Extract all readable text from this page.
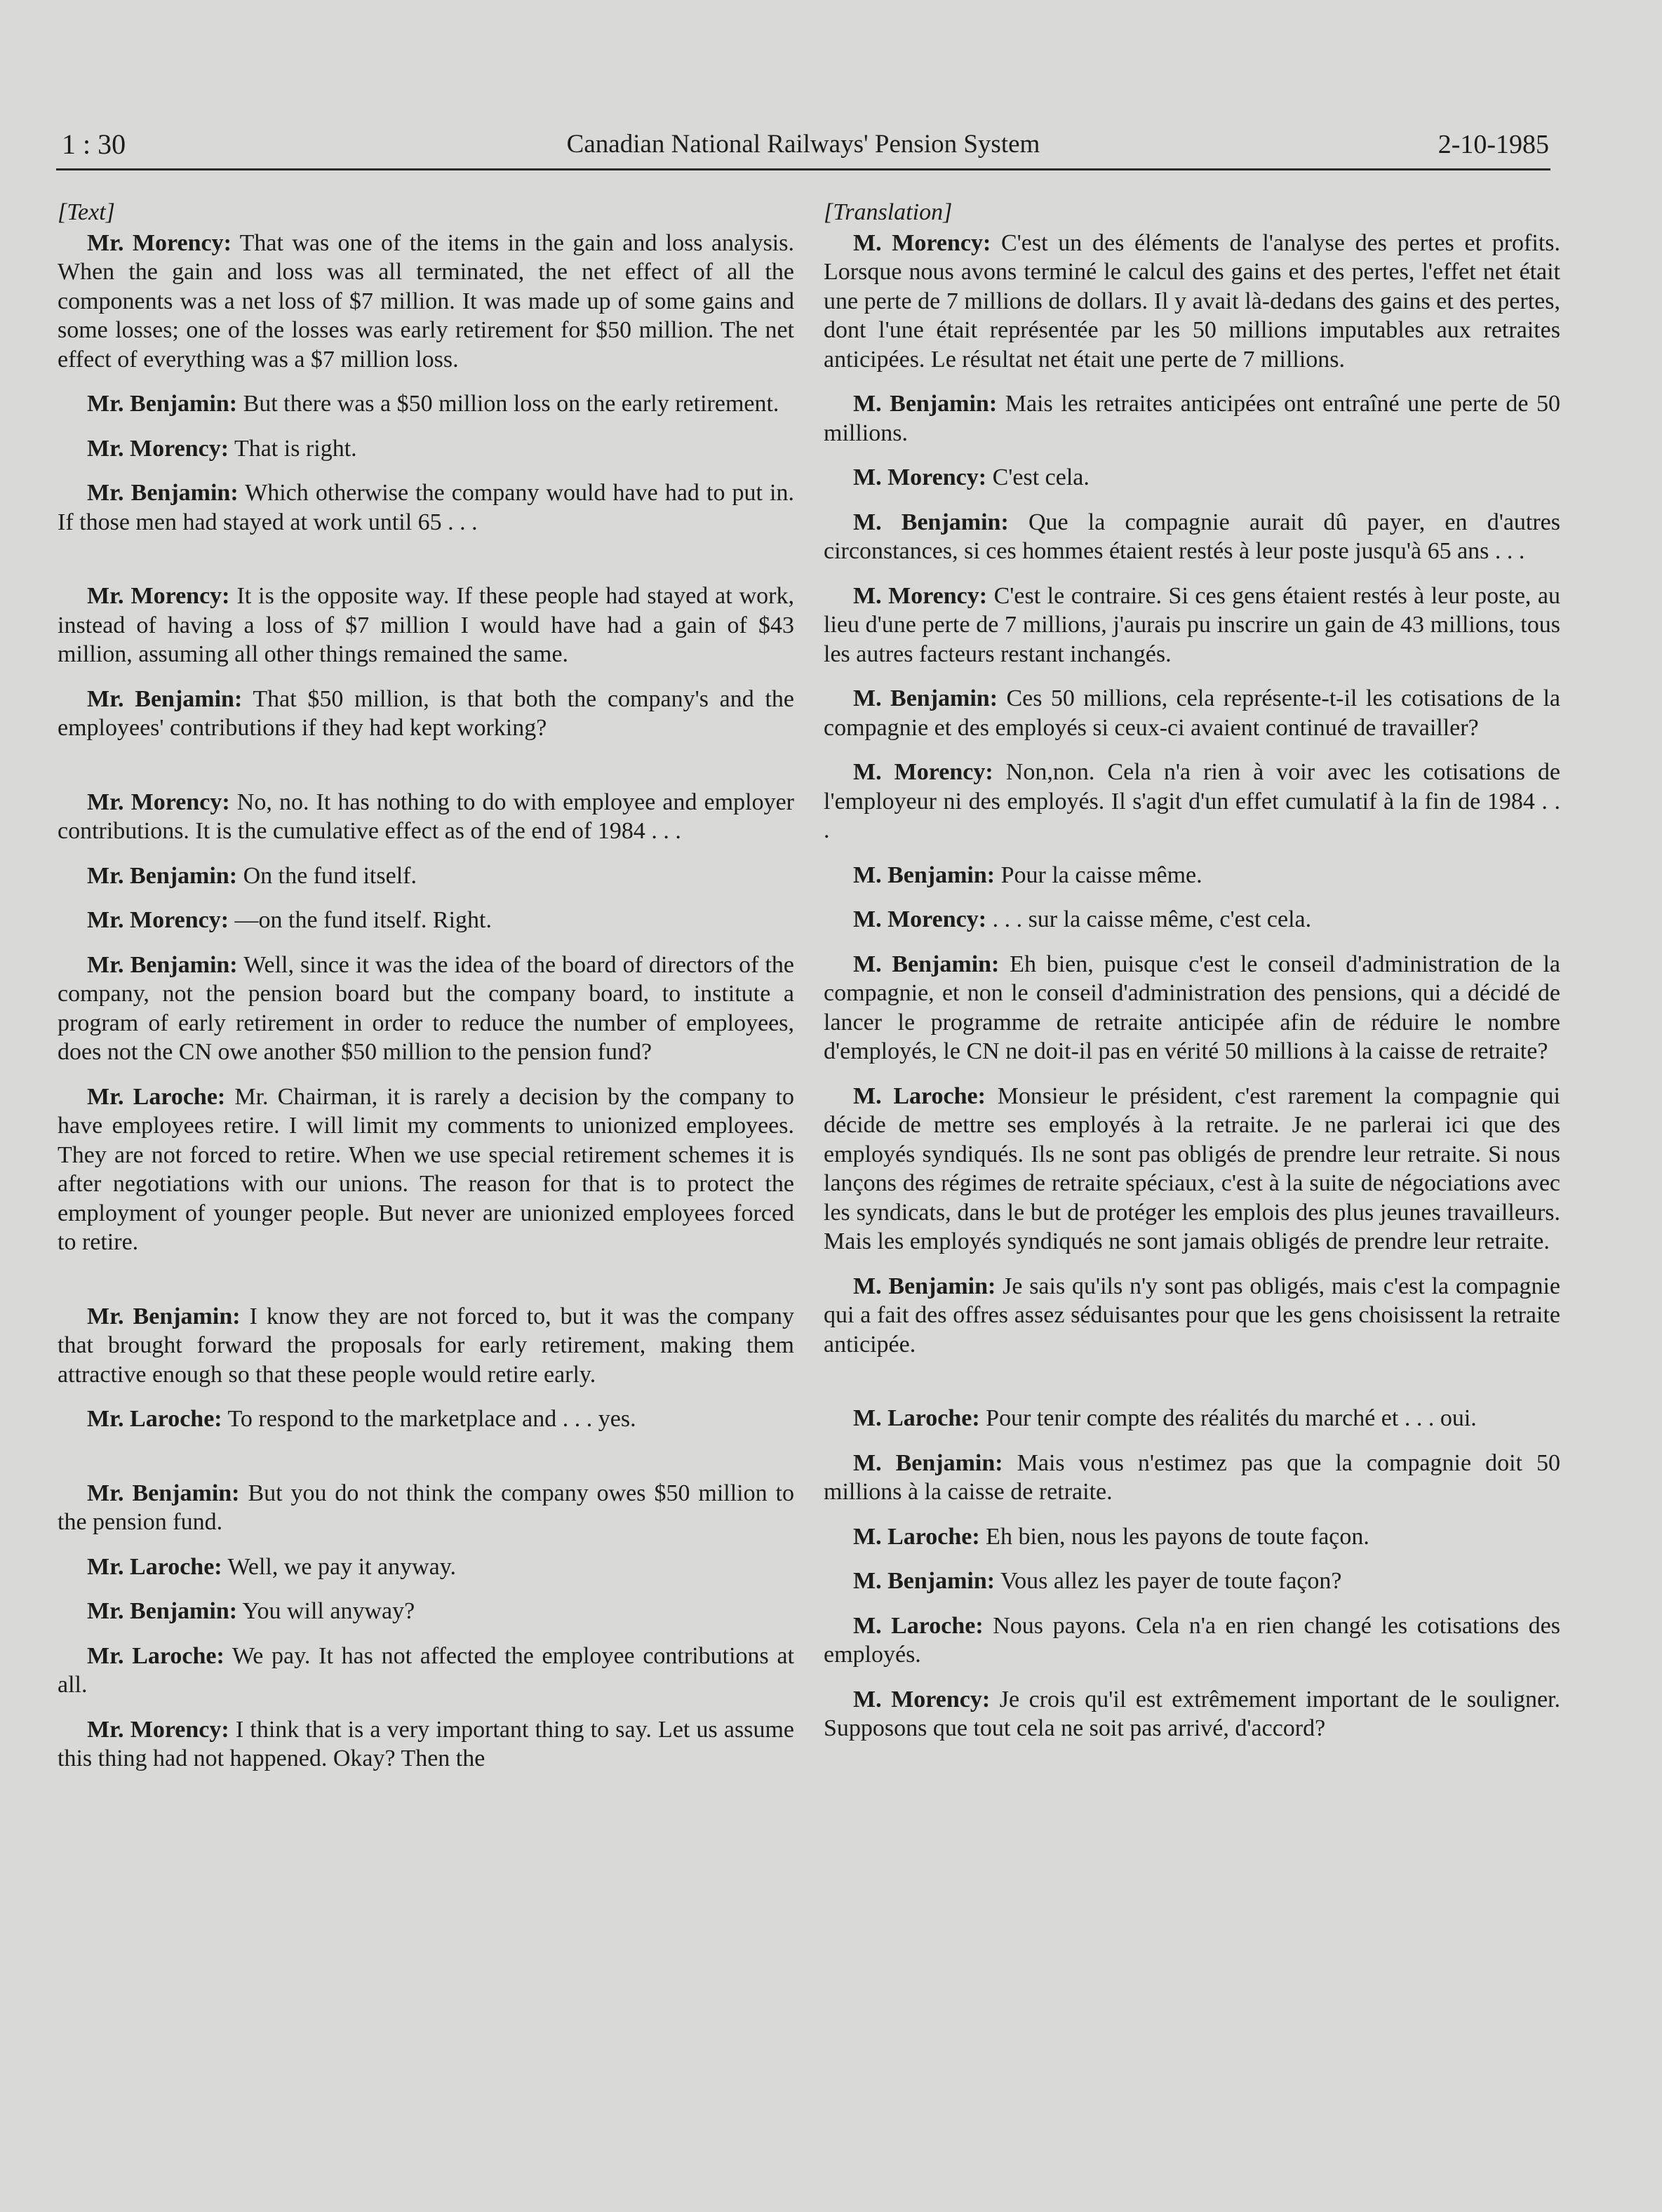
1 : 30	Canadian National Railways' Pension System	2-10-1985
[Text]

Mr. Morency: That was one of the items in the gain and loss analysis. When the gain and loss was all terminated, the net effect of all the components was a net loss of $7 million. It was made up of some gains and some losses; one of the losses was early retirement for $50 million. The net effect of everything was a $7 million loss.

Mr. Benjamin: But there was a $50 million loss on the early retirement.

Mr. Morency: That is right.

Mr. Benjamin: Which otherwise the company would have had to put in. If those men had stayed at work until 65 . . .

Mr. Morency: It is the opposite way. If these people had stayed at work, instead of having a loss of $7 million I would have had a gain of $43 million, assuming all other things remained the same.

Mr. Benjamin: That $50 million, is that both the company's and the employees' contributions if they had kept working?

Mr. Morency: No, no. It has nothing to do with employee and employer contributions. It is the cumulative effect as of the end of 1984 . . .

Mr. Benjamin: On the fund itself.

Mr. Morency: —on the fund itself. Right.

Mr. Benjamin: Well, since it was the idea of the board of directors of the company, not the pension board but the company board, to institute a program of early retirement in order to reduce the number of employees, does not the CN owe another $50 million to the pension fund?

Mr. Laroche: Mr. Chairman, it is rarely a decision by the company to have employees retire. I will limit my comments to unionized employees. They are not forced to retire. When we use special retirement schemes it is after negotiations with our unions. The reason for that is to protect the employment of younger people. But never are unionized employees forced to retire.

Mr. Benjamin: I know they are not forced to, but it was the company that brought forward the proposals for early retirement, making them attractive enough so that these people would retire early.

Mr. Laroche: To respond to the marketplace and . . . yes.

Mr. Benjamin: But you do not think the company owes $50 million to the pension fund.

Mr. Laroche: Well, we pay it anyway.

Mr. Benjamin: You will anyway?

Mr. Laroche: We pay. It has not affected the employee contributions at all.

Mr. Morency: I think that is a very important thing to say. Let us assume this thing had not happened. Okay? Then the

[Translation]

M. Morency: C'est un des éléments de l'analyse des pertes et profits. Lorsque nous avons terminé le calcul des gains et des pertes, l'effet net était une perte de 7 millions de dollars. Il y avait là-dedans des gains et des pertes, dont l'une était représentée par les 50 millions imputables aux retraites anticipées. Le résultat net était une perte de 7 millions.

M. Benjamin: Mais les retraites anticipées ont entraîné une perte de 50 millions.

M. Morency: C'est cela.

M. Benjamin: Que la compagnie aurait dû payer, en d'autres circonstances, si ces hommes étaient restés à leur poste jusqu'à 65 ans . . .

M. Morency: C'est le contraire. Si ces gens étaient restés à leur poste, au lieu d'une perte de 7 millions, j'aurais pu inscrire un gain de 43 millions, tous les autres facteurs restant inchangés.

M. Benjamin: Ces 50 millions, cela représente-t-il les cotisations de la compagnie et des employés si ceux-ci avaient continué de travailler?

M. Morency: Non,non. Cela n'a rien à voir avec les cotisations de l'employeur ni des employés. Il s'agit d'un effet cumulatif à la fin de 1984 . . .

M. Benjamin: Pour la caisse même.

M. Morency: . . . sur la caisse même, c'est cela.

M. Benjamin: Eh bien, puisque c'est le conseil d'administration de la compagnie, et non le conseil d'administration des pensions, qui a décidé de lancer le programme de retraite anticipée afin de réduire le nombre d'employés, le CN ne doit-il pas en vérité 50 millions à la caisse de retraite?

M. Laroche: Monsieur le président, c'est rarement la compagnie qui décide de mettre ses employés à la retraite. Je ne parlerai ici que des employés syndiqués. Ils ne sont pas obligés de prendre leur retraite. Si nous lançons des régimes de retraite spéciaux, c'est à la suite de négociations avec les syndicats, dans le but de protéger les emplois des plus jeunes travailleurs. Mais les employés syndiqués ne sont jamais obligés de prendre leur retraite.

M. Benjamin: Je sais qu'ils n'y sont pas obligés, mais c'est la compagnie qui a fait des offres assez séduisantes pour que les gens choisissent la retraite anticipée.

M. Laroche: Pour tenir compte des réalités du marché et . . . oui.

M. Benjamin: Mais vous n'estimez pas que la compagnie doit 50 millions à la caisse de retraite.

M. Laroche: Eh bien, nous les payons de toute façon.

M. Benjamin: Vous allez les payer de toute façon?

M. Laroche: Nous payons. Cela n'a en rien changé les cotisations des employés.

M. Morency: Je crois qu'il est extrêmement important de le souligner. Supposons que tout cela ne soit pas arrivé, d'accord?
